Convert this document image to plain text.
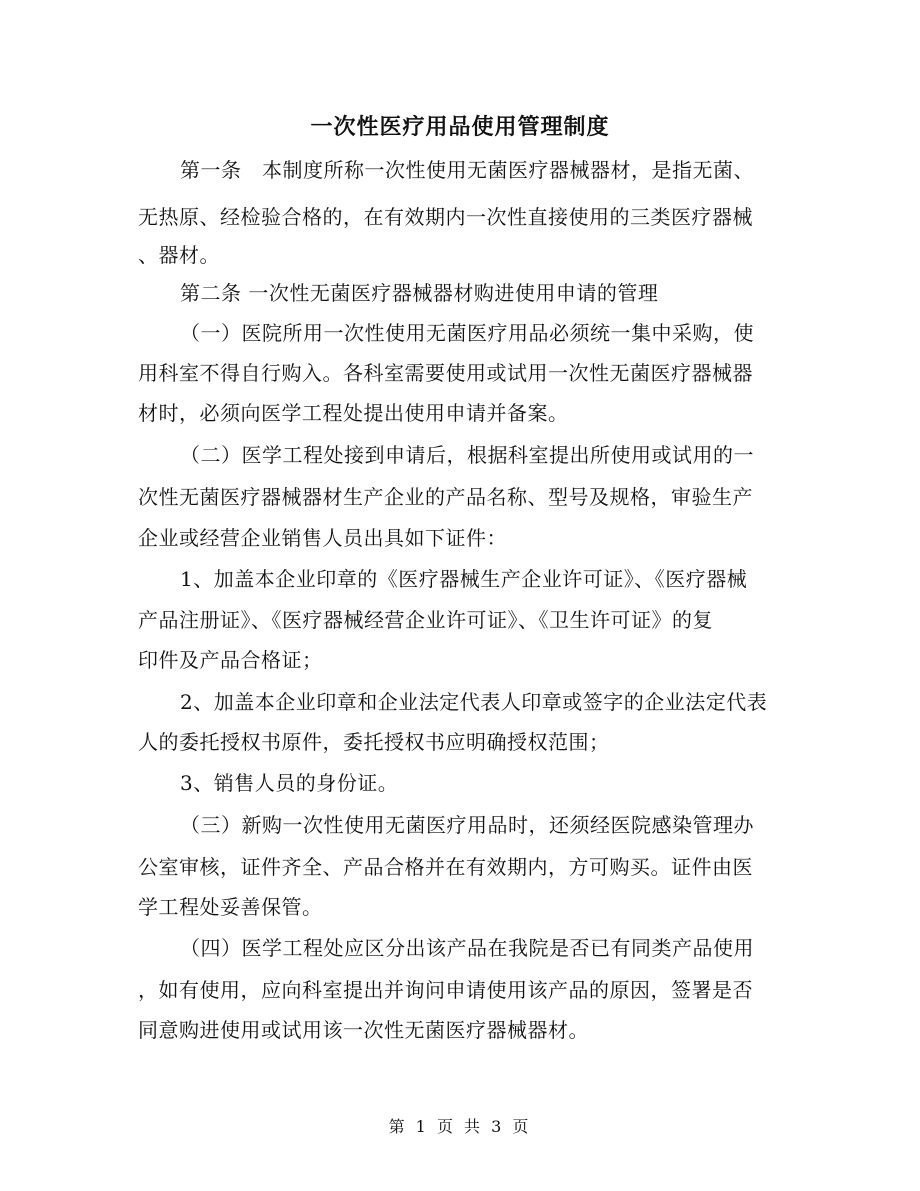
一次性医疗用品使用管理制度
第一条　本制度所称一次性使用无菌医疗器械器材，是指无菌、
无热原、经检验合格的，在有效期内一次性直接使用的三类医疗器械
、器材。
第二条 一次性无菌医疗器械器材购进使用申请的管理
（一）医院所用一次性使用无菌医疗用品必须统一集中采购，使
用科室不得自行购入。各科室需要使用或试用一次性无菌医疗器械器
材时，必须向医学工程处提出使用申请并备案。
（二）医学工程处接到申请后，根据科室提出所使用或试用的一
次性无菌医疗器械器材生产企业的产品名称、型号及规格，审验生产
企业或经营企业销售人员出具如下证件：
1、加盖本企业印章的《医疗器械生产企业许可证》、《医疗器械
产品注册证》、《医疗器械经营企业许可证》、《卫生许可证》的复
印件及产品合格证；
2、加盖本企业印章和企业法定代表人印章或签字的企业法定代表
人的委托授权书原件，委托授权书应明确授权范围；
3、销售人员的身份证。
（三）新购一次性使用无菌医疗用品时，还须经医院感染管理办
公室审核，证件齐全、产品合格并在有效期内，方可购买。证件由医
学工程处妥善保管。
（四）医学工程处应区分出该产品在我院是否已有同类产品使用
，如有使用，应向科室提出并询问申请使用该产品的原因，签署是否
同意购进使用或试用该一次性无菌医疗器械器材。
第 1 页 共 3 页
